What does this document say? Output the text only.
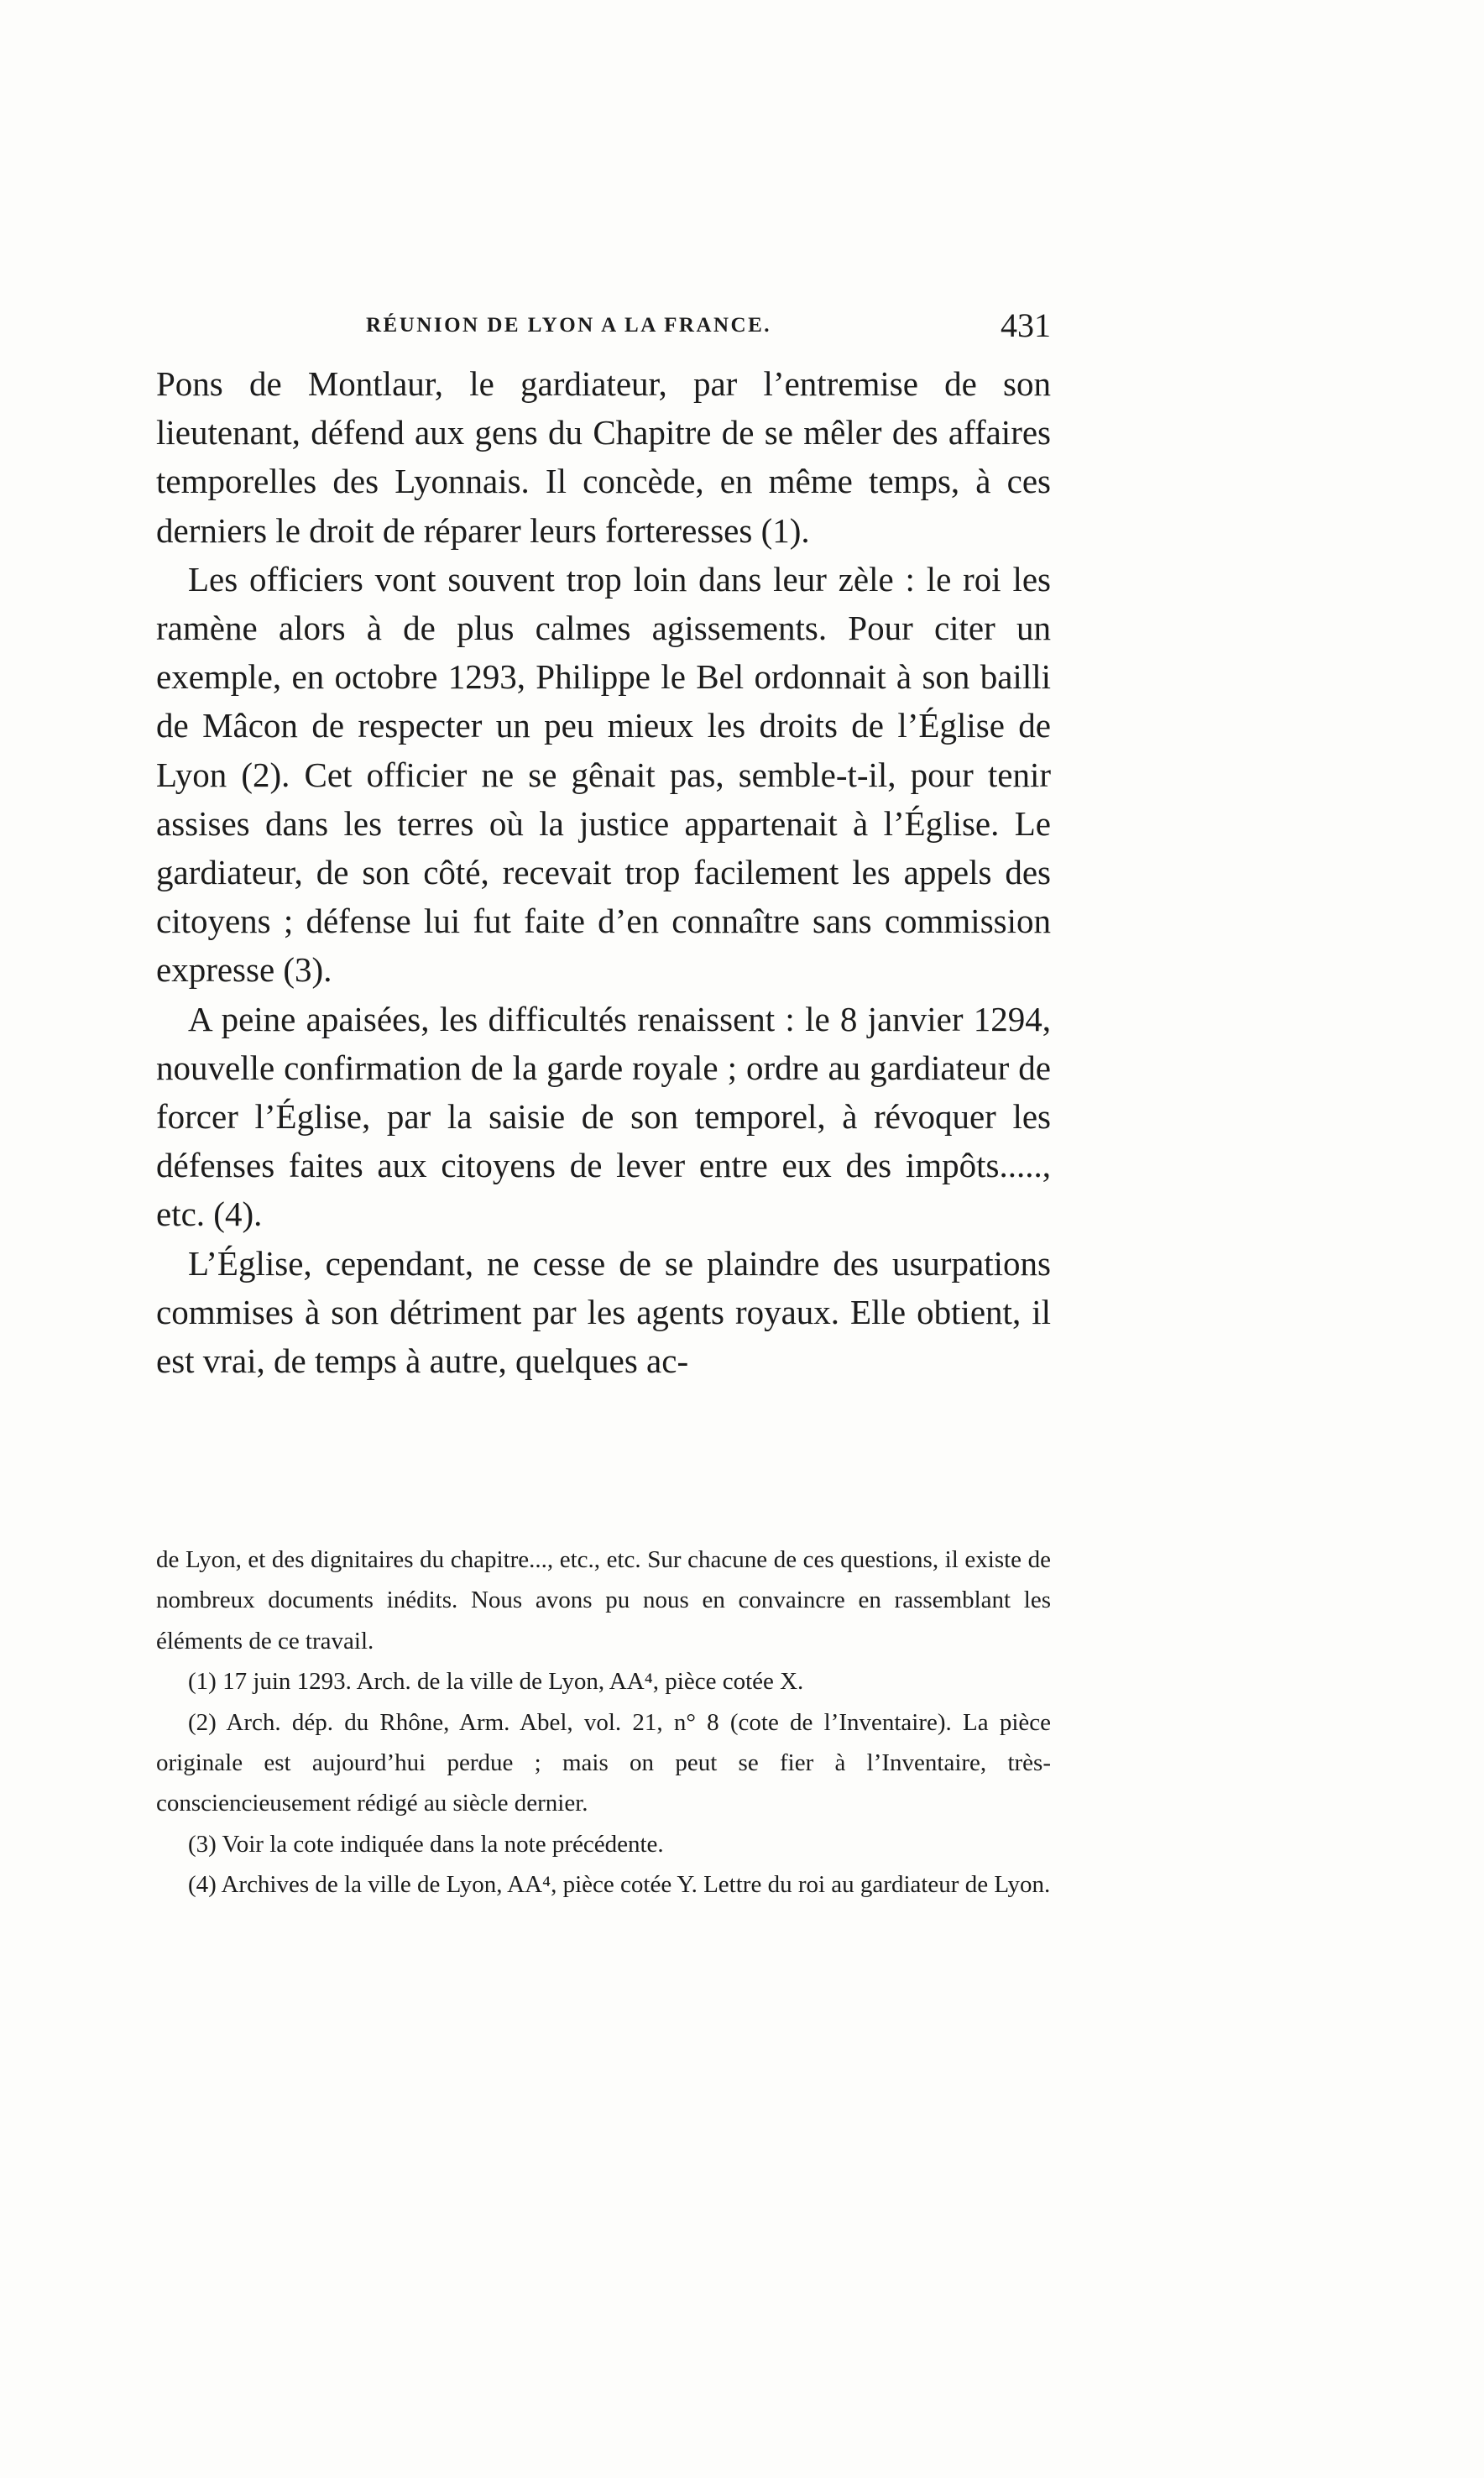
RÉUNION DE LYON A LA FRANCE.	431

Pons de Montlaur, le gardiateur, par l’entremise de son lieutenant, défend aux gens du Chapitre de se mêler des affaires temporelles des Lyonnais. Il concède, en même temps, à ces derniers le droit de réparer leurs forteresses (1).

Les officiers vont souvent trop loin dans leur zèle : le roi les ramène alors à de plus calmes agissements. Pour citer un exemple, en octobre 1293, Philippe le Bel ordonnait à son bailli de Mâcon de respecter un peu mieux les droits de l’Église de Lyon (2). Cet officier ne se gênait pas, semble-t-il, pour tenir assises dans les terres où la justice appartenait à l’Église. Le gardiateur, de son côté, recevait trop facilement les appels des citoyens ; défense lui fut faite d’en connaître sans commission expresse (3).

A peine apaisées, les difficultés renaissent : le 8 janvier 1294, nouvelle confirmation de la garde royale ; ordre au gardiateur de forcer l’Église, par la saisie de son temporel, à révoquer les défenses faites aux citoyens de lever entre eux des impôts....., etc. (4).

L’Église, cependant, ne cesse de se plaindre des usurpations commises à son détriment par les agents royaux. Elle obtient, il est vrai, de temps à autre, quelques ac-

de Lyon, et des dignitaires du chapitre..., etc., etc. Sur chacune de ces questions, il existe de nombreux documents inédits. Nous avons pu nous en convaincre en rassemblant les éléments de ce travail.

(1) 17 juin 1293. Arch. de la ville de Lyon, AA⁴, pièce cotée X.

(2) Arch. dép. du Rhône, Arm. Abel, vol. 21, n° 8 (cote de l’Inventaire). La pièce originale est aujourd’hui perdue ; mais on peut se fier à l’Inventaire, très-consciencieusement rédigé au siècle dernier.

(3) Voir la cote indiquée dans la note précédente.

(4) Archives de la ville de Lyon, AA⁴, pièce cotée Y. Lettre du roi au gardiateur de Lyon.
